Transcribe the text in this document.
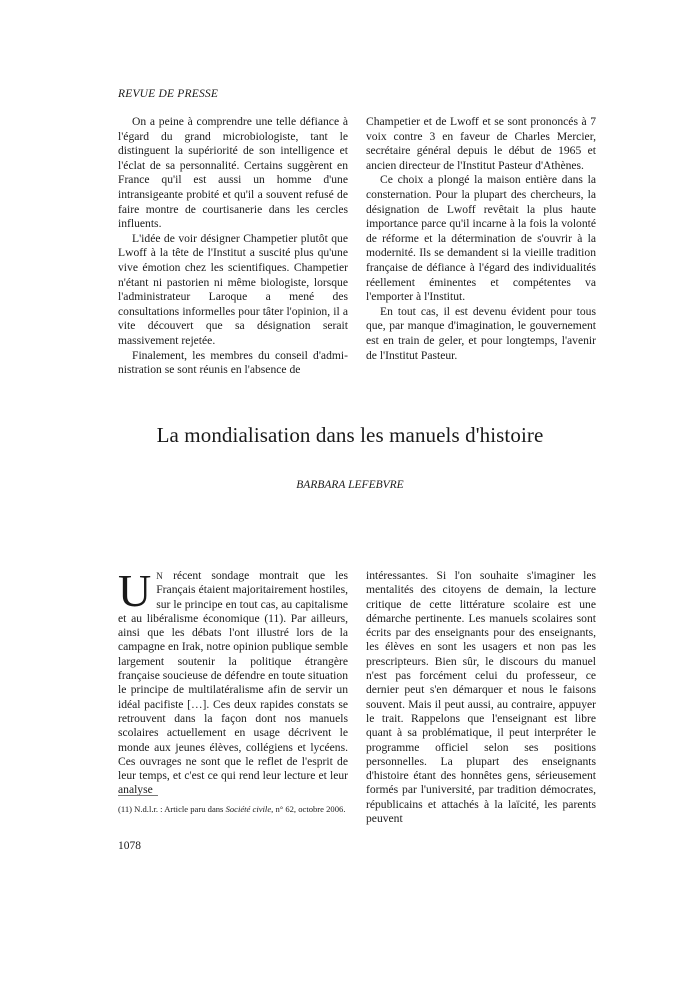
REVUE DE PRESSE

On a peine à comprendre une telle défiance à l'égard du grand microbiologiste, tant le distinguent la supériorité de son intelligence et l'éclat de sa personnalité. Certains suggèrent en France qu'il est aussi un homme d'une intransigeante probité et qu'il a souvent refusé de faire montre de courtisanerie dans les cercles influents.

L'idée de voir désigner Champetier plutôt que Lwoff à la tête de l'Institut a suscité plus qu'une vive émotion chez les scientifiques. Champetier n'étant ni pastorien ni même biologiste, lorsque l'administrateur Laroque a mené des consultations informelles pour tâter l'opinion, il a vite découvert que sa désignation serait massivement rejetée.

Finalement, les membres du conseil d'administration se sont réunis en l'absence de

Champetier et de Lwoff et se sont prononcés à 7 voix contre 3 en faveur de Charles Mercier, secrétaire général depuis le début de 1965 et ancien directeur de l'Institut Pasteur d'Athènes.

Ce choix a plongé la maison entière dans la consternation. Pour la plupart des chercheurs, la désignation de Lwoff revêtait la plus haute importance parce qu'il incarne à la fois la volonté de réforme et la détermination de s'ouvrir à la modernité. Ils se demandent si la vieille tradition française de défiance à l'égard des individualités réellement éminentes et compétentes va l'emporter à l'Institut.

En tout cas, il est devenu évident pour tous que, par manque d'imagination, le gouvernement est en train de geler, et pour longtemps, l'avenir de l'Institut Pasteur.

La mondialisation dans les manuels d'histoire
BARBARA LEFEBVRE

U N récent sondage montrait que les Français étaient majoritairement hostiles, sur le principe en tout cas, au capitalisme et au libéralisme économique (11). Par ailleurs, ainsi que les débats l'ont illustré lors de la campagne en Irak, notre opinion publique semble largement soutenir la politique étrangère française soucieuse de défendre en toute situation le principe de multilatéralisme afin de servir un idéal pacifiste […]. Ces deux rapides constats se retrouvent dans la façon dont nos manuels scolaires actuellement en usage décrivent le monde aux jeunes élèves, collégiens et lycéens. Ces ouvrages ne sont que le reflet de l'esprit de leur temps, et c'est ce qui rend leur lecture et leur analyse

intéressantes. Si l'on souhaite s'imaginer les mentalités des citoyens de demain, la lecture critique de cette littérature scolaire est une démarche pertinente. Les manuels scolaires sont écrits par des enseignants pour des enseignants, les élèves en sont les usagers et non pas les prescripteurs. Bien sûr, le discours du manuel n'est pas forcément celui du professeur, ce dernier peut s'en démarquer et nous le faisons souvent. Mais il peut aussi, au contraire, appuyer le trait. Rappelons que l'enseignant est libre quant à sa problématique, il peut interpréter le programme officiel selon ses positions personnelles. La plupart des enseignants d'histoire étant des honnêtes gens, sérieusement formés par l'université, par tradition démocrates, républicains et attachés à la laïcité, les parents peuvent

(11) N.d.l.r. : Article paru dans Société civile, n° 62, octobre 2006.
1078
